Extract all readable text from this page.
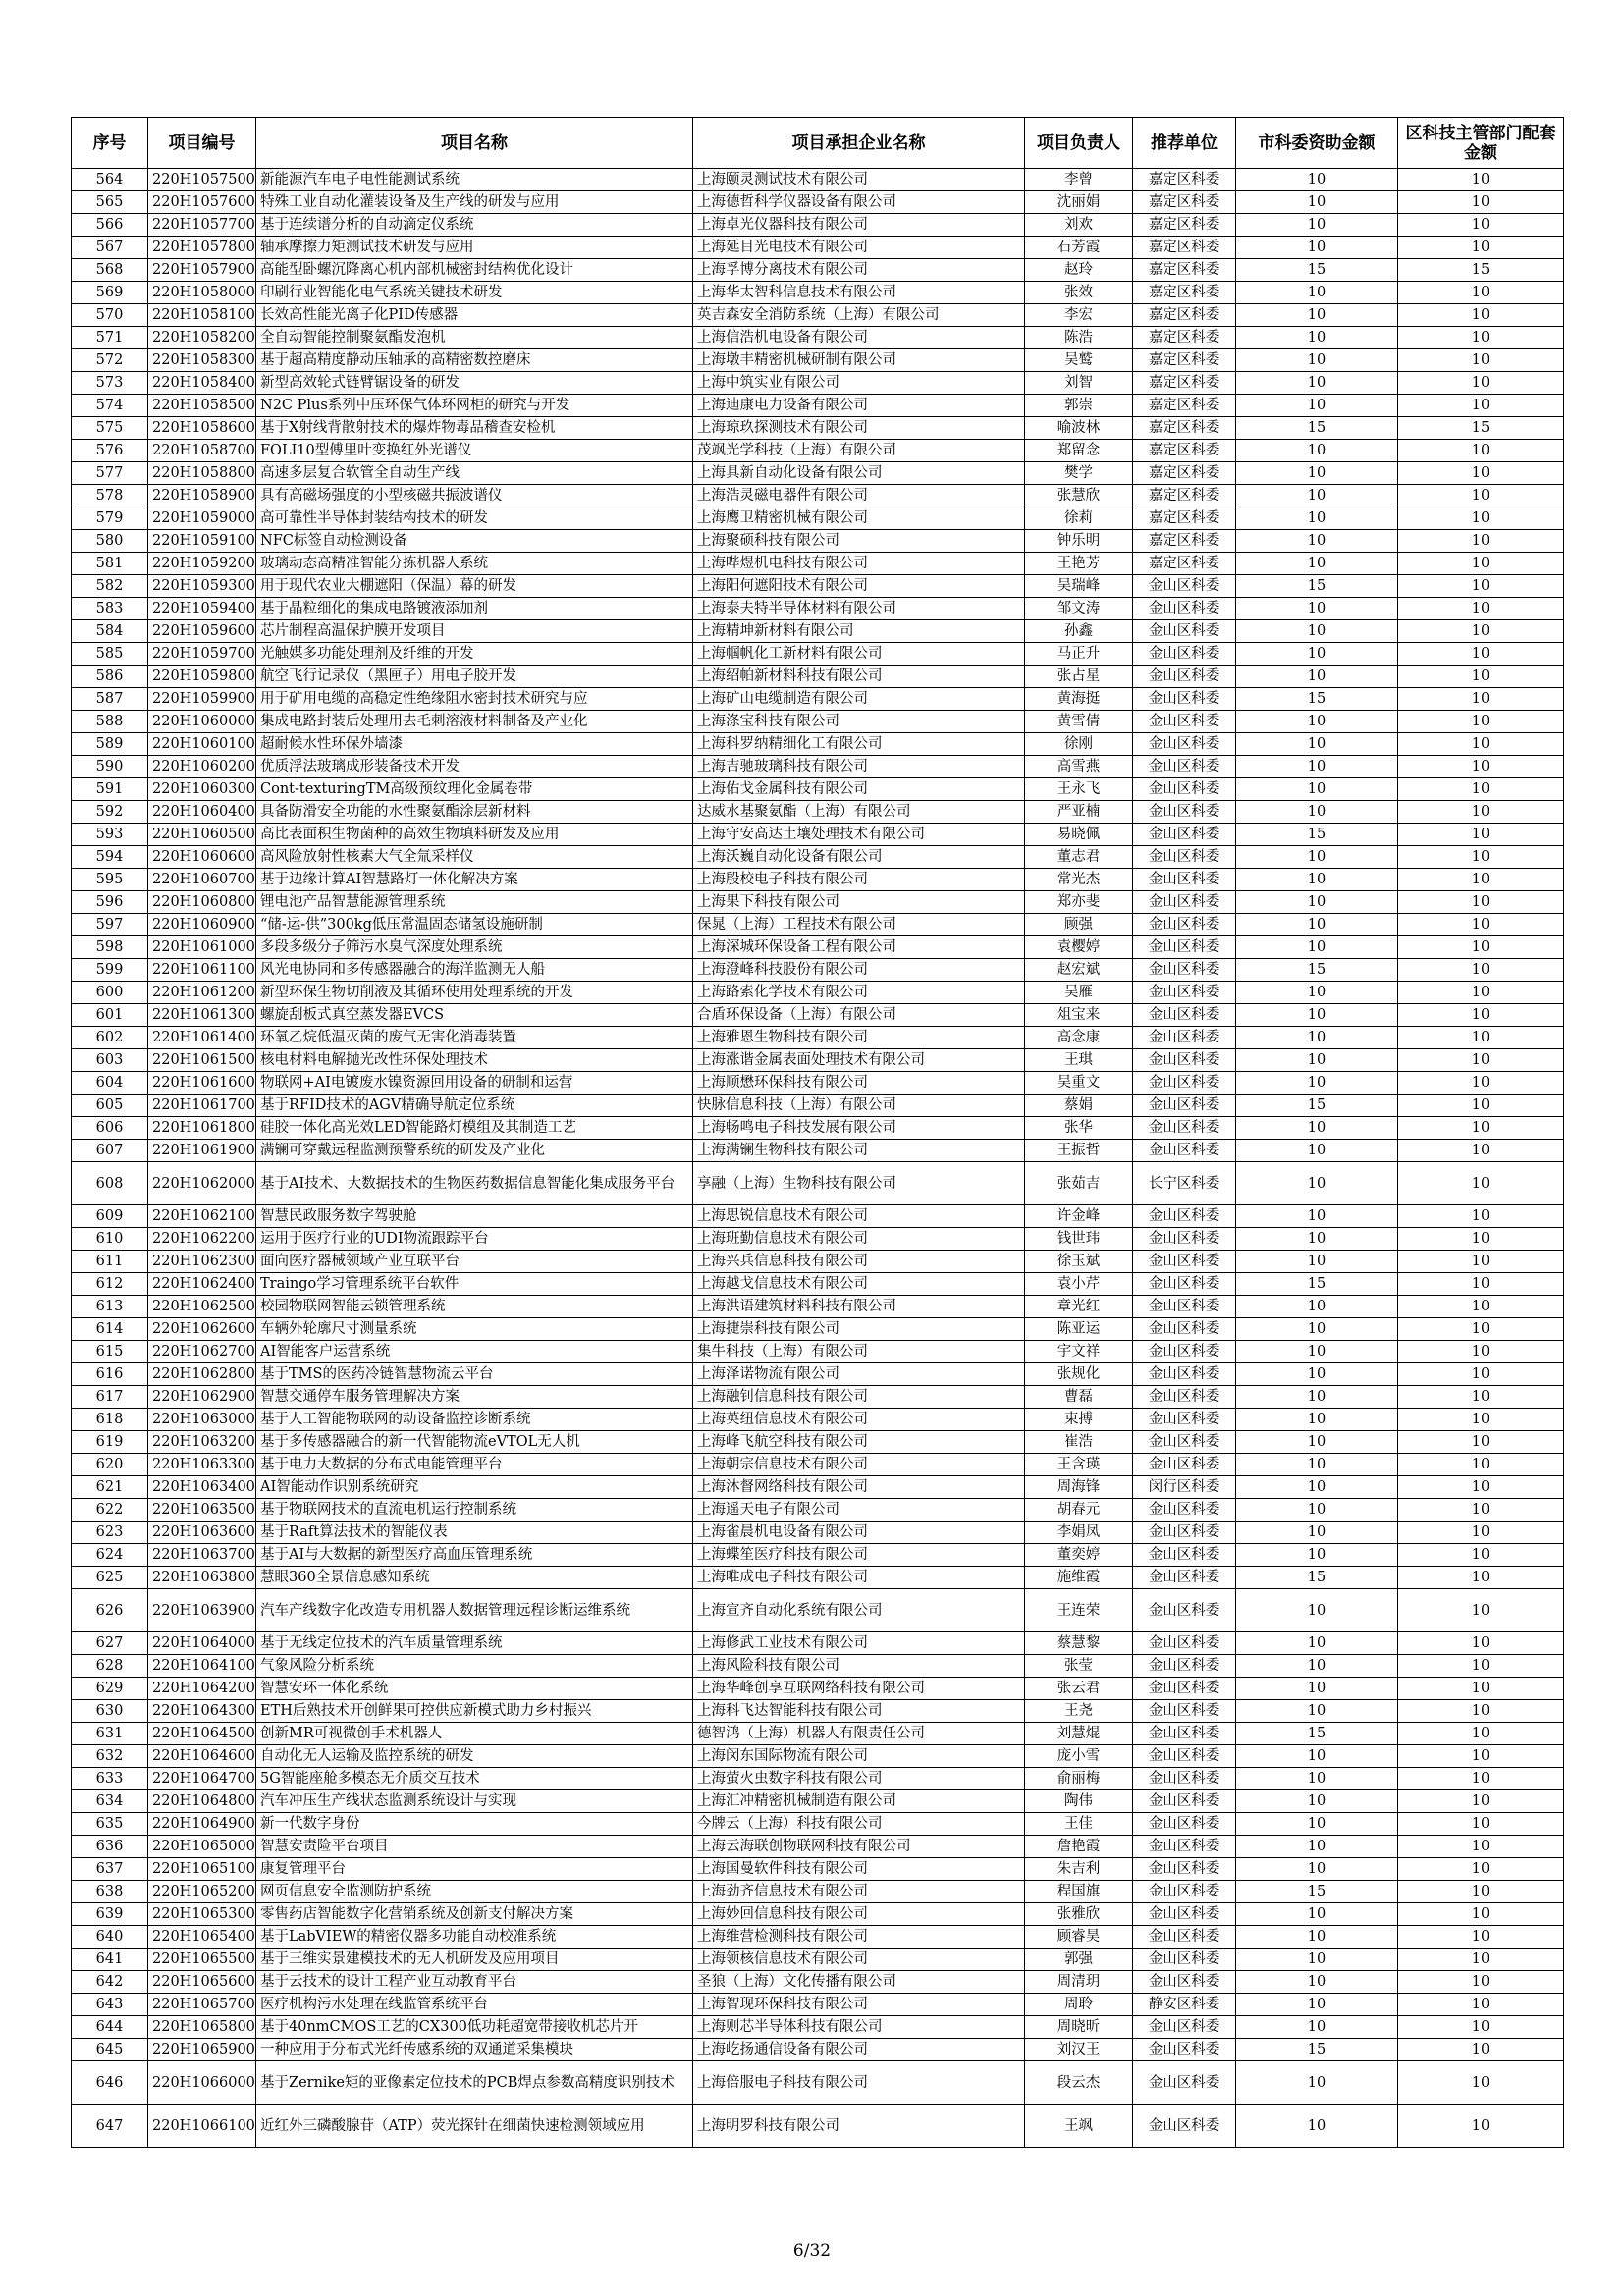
序号	项目编号	项目名称	项目承担企业名称	项目负责人	推荐单位	市科委资助金额	区科技主管部门配套金额
564	220H1057500	新能源汽车电子电性能测试系统	上海颐灵测试技术有限公司	李曾	嘉定区科委	10	10
565	220H1057600	特殊工业自动化灌装设备及生产线的研发与应用	上海德哲科学仪器设备有限公司	沈丽娟	嘉定区科委	10	10
566	220H1057700	基于连续谱分析的自动滴定仪系统	上海卓光仪器科技有限公司	刘欢	嘉定区科委	10	10
567	220H1057800	轴承摩擦力矩测试技术研发与应用	上海延目光电技术有限公司	石芳霞	嘉定区科委	10	10
568	220H1057900	高能型卧螺沉降离心机内部机械密封结构优化设计	上海孚博分离技术有限公司	赵玲	嘉定区科委	15	15
569	220H1058000	印刷行业智能化电气系统关键技术研发	上海华太智科信息技术有限公司	张效	嘉定区科委	10	10
570	220H1058100	长效高性能光离子化PID传感器	英吉森安全消防系统（上海）有限公司	李宏	嘉定区科委	10	10
571	220H1058200	全自动智能控制聚氨酯发泡机	上海信浩机电设备有限公司	陈浩	嘉定区科委	10	10
572	220H1058300	基于超高精度静动压轴承的高精密数控磨床	上海墩丰精密机械研制有限公司	吴鹫	嘉定区科委	10	10
573	220H1058400	新型高效轮式链臂锯设备的研发	上海中筑实业有限公司	刘智	嘉定区科委	10	10
574	220H1058500	N2C Plus系列中压环保气体环网柜的研究与开发	上海迪康电力设备有限公司	郭崇	嘉定区科委	10	10
575	220H1058600	基于X射线背散射技术的爆炸物毒品稽查安检机	上海琼玖探测技术有限公司	喻波林	嘉定区科委	15	15
576	220H1058700	FOLI10型傅里叶变换红外光谱仪	茂飒光学科技（上海）有限公司	郑留念	嘉定区科委	10	10
577	220H1058800	高速多层复合软管全自动生产线	上海具新自动化设备有限公司	樊学	嘉定区科委	10	10
578	220H1058900	具有高磁场强度的小型核磁共振波谱仪	上海浩灵磁电器件有限公司	张慧欣	嘉定区科委	10	10
579	220H1059000	高可靠性半导体封装结构技术的研发	上海鹰卫精密机械有限公司	徐莉	嘉定区科委	10	10
580	220H1059100	NFC标签自动检测设备	上海聚硕科技有限公司	钟乐明	嘉定区科委	10	10
581	220H1059200	玻璃动态高精准智能分拣机器人系统	上海哔煜机电科技有限公司	王艳芳	嘉定区科委	10	10
582	220H1059300	用于现代农业大棚遮阳（保温）幕的研发	上海阳何遮阳技术有限公司	吴瑞峰	金山区科委	15	10
583	220H1059400	基于晶粒细化的集成电路镀液添加剂	上海泰夫特半导体材料有限公司	邹文涛	金山区科委	10	10
584	220H1059600	芯片制程高温保护膜开发项目	上海精坤新材料有限公司	孙鑫	金山区科委	10	10
585	220H1059700	光触媒多功能处理剂及纤维的开发	上海帼帆化工新材料有限公司	马正升	金山区科委	10	10
586	220H1059800	航空飞行记录仪（黑匣子）用电子胶开发	上海绍帕新材料科技有限公司	张占星	金山区科委	10	10
587	220H1059900	用于矿用电缆的高稳定性绝缘阻水密封技术研究与应	上海矿山电缆制造有限公司	黄海挺	金山区科委	15	10
588	220H1060000	集成电路封装后处理用去毛刺溶液材料制备及产业化	上海涤宝科技有限公司	黄雪倩	金山区科委	10	10
589	220H1060100	超耐候水性环保外墙漆	上海科罗纳精细化工有限公司	徐刚	金山区科委	10	10
590	220H1060200	优质浮法玻璃成形装备技术开发	上海吉驰玻璃科技有限公司	高雪燕	金山区科委	10	10
591	220H1060300	Cont-texturingTM高级预纹理化金属卷带	上海佑戈金属科技有限公司	王永飞	金山区科委	10	10
592	220H1060400	具备防滑安全功能的水性聚氨酯涂层新材料	达威水基聚氨酯（上海）有限公司	严亚楠	金山区科委	10	10
593	220H1060500	高比表面积生物菌种的高效生物填料研发及应用	上海守安高达土壤处理技术有限公司	易晓佩	金山区科委	15	10
594	220H1060600	高风险放射性核素大气全氚采样仪	上海沃巍自动化设备有限公司	董志君	金山区科委	10	10
595	220H1060700	基于边缘计算AI智慧路灯一体化解决方案	上海殷校电子科技有限公司	常光杰	金山区科委	10	10
596	220H1060800	锂电池产品智慧能源管理系统	上海果下科技有限公司	郑亦斐	金山区科委	10	10
597	220H1060900	“储-运-供”300kg低压常温固态储氢设施研制	保晁（上海）工程技术有限公司	顾强	金山区科委	10	10
598	220H1061000	多段多级分子筛污水臭气深度处理系统	上海深城环保设备工程有限公司	袁樱婷	金山区科委	10	10
599	220H1061100	风光电协同和多传感器融合的海洋监测无人船	上海澄峰科技股份有限公司	赵宏斌	金山区科委	15	10
600	220H1061200	新型环保生物切削液及其循环使用处理系统的开发	上海路索化学技术有限公司	吴雁	金山区科委	10	10
601	220H1061300	螺旋刮板式真空蒸发器EVCS	合盾环保设备（上海）有限公司	俎宝来	金山区科委	10	10
602	220H1061400	环氧乙烷低温灭菌的废气无害化消毒装置	上海雅恩生物科技有限公司	高念康	金山区科委	10	10
603	220H1061500	核电材料电解抛光改性环保处理技术	上海涨谐金属表面处理技术有限公司	王琪	金山区科委	10	10
604	220H1061600	物联网+AI电镀废水镍资源回用设备的研制和运营	上海顺懋环保科技有限公司	吴重文	金山区科委	10	10
605	220H1061700	基于RFID技术的AGV精确导航定位系统	快脉信息科技（上海）有限公司	蔡娟	金山区科委	15	10
606	220H1061800	硅胶一体化高光效LED智能路灯模组及其制造工艺	上海畅鸣电子科技发展有限公司	张华	金山区科委	10	10
607	220H1061900	满镧可穿戴远程监测预警系统的研发及产业化	上海满镧生物科技有限公司	王振哲	金山区科委	10	10
608	220H1062000	基于AI技术、大数据技术的生物医药数据信息智能化集成服务平台	享融（上海）生物科技有限公司	张茹吉	长宁区科委	10	10
609	220H1062100	智慧民政服务数字驾驶舱	上海思锐信息技术有限公司	许金峰	金山区科委	10	10
610	220H1062200	运用于医疗行业的UDI物流跟踪平台	上海班勤信息技术有限公司	钱世玮	金山区科委	10	10
611	220H1062300	面向医疗器械领域产业互联平台	上海兴兵信息科技有限公司	徐玉斌	金山区科委	10	10
612	220H1062400	Traingo学习管理系统平台软件	上海越戈信息技术有限公司	袁小芹	金山区科委	15	10
613	220H1062500	校园物联网智能云锁管理系统	上海洪语建筑材料科技有限公司	章光红	金山区科委	10	10
614	220H1062600	车辆外轮廓尺寸测量系统	上海捷崇科技有限公司	陈亚运	金山区科委	10	10
615	220H1062700	AI智能客户运营系统	集牛科技（上海）有限公司	宇文祥	金山区科委	10	10
616	220H1062800	基于TMS的医药冷链智慧物流云平台	上海泽诺物流有限公司	张规化	金山区科委	10	10
617	220H1062900	智慧交通停车服务管理解决方案	上海融钊信息科技有限公司	曹磊	金山区科委	10	10
618	220H1063000	基于人工智能物联网的动设备监控诊断系统	上海英纽信息技术有限公司	束搏	金山区科委	10	10
619	220H1063200	基于多传感器融合的新一代智能物流eVTOL无人机	上海峰飞航空科技有限公司	崔浩	金山区科委	10	10
620	220H1063300	基于电力大数据的分布式电能管理平台	上海朝宗信息技术有限公司	王含瑛	金山区科委	10	10
621	220H1063400	AI智能动作识别系统研究	上海沐督网络科技有限公司	周海锋	闵行区科委	10	10
622	220H1063500	基于物联网技术的直流电机运行控制系统	上海遥天电子有限公司	胡春元	金山区科委	10	10
623	220H1063600	基于Raft算法技术的智能仪表	上海雀晨机电设备有限公司	李娟凤	金山区科委	10	10
624	220H1063700	基于AI与大数据的新型医疗高血压管理系统	上海蝶笙医疗科技有限公司	董奕婷	金山区科委	10	10
625	220H1063800	慧眼360全景信息感知系统	上海唯成电子科技有限公司	施维霞	金山区科委	15	10
626	220H1063900	汽车产线数字化改造专用机器人数据管理远程诊断运维系统	上海宣齐自动化系统有限公司	王连荣	金山区科委	10	10
627	220H1064000	基于无线定位技术的汽车质量管理系统	上海修武工业技术有限公司	蔡慧黎	金山区科委	10	10
628	220H1064100	气象风险分析系统	上海风险科技有限公司	张莹	金山区科委	10	10
629	220H1064200	智慧安环一体化系统	上海华峰创享互联网络科技有限公司	张云君	金山区科委	10	10
630	220H1064300	ETH后熟技术开创鲜果可控供应新模式助力乡村振兴	上海科飞达智能科技有限公司	王尧	金山区科委	10	10
631	220H1064500	创新MR可视微创手术机器人	德智鸿（上海）机器人有限责任公司	刘慧焜	金山区科委	15	10
632	220H1064600	自动化无人运输及监控系统的研发	上海闵东国际物流有限公司	庞小雪	金山区科委	10	10
633	220H1064700	5G智能座舱多模态无介质交互技术	上海萤火虫数字科技有限公司	俞丽梅	金山区科委	10	10
634	220H1064800	汽车冲压生产线状态监测系统设计与实现	上海汇冲精密机械制造有限公司	陶伟	金山区科委	10	10
635	220H1064900	新一代数字身份	今牌云（上海）科技有限公司	王佳	金山区科委	10	10
636	220H1065000	智慧安责险平台项目	上海云海联创物联网科技有限公司	詹艳霞	金山区科委	10	10
637	220H1065100	康复管理平台	上海国曼软件科技有限公司	朱吉利	金山区科委	10	10
638	220H1065200	网页信息安全监测防护系统	上海劲齐信息技术有限公司	程国旗	金山区科委	15	10
639	220H1065300	零售药店智能数字化营销系统及创新支付解决方案	上海妙回信息科技有限公司	张雅欣	金山区科委	10	10
640	220H1065400	基于LabVIEW的精密仪器多功能自动校准系统	上海维营检测科技有限公司	顾睿昊	金山区科委	10	10
641	220H1065500	基于三维实景建模技术的无人机研发及应用项目	上海领核信息技术有限公司	郭强	金山区科委	10	10
642	220H1065600	基于云技术的设计工程产业互动教育平台	圣狼（上海）文化传播有限公司	周清玥	金山区科委	10	10
643	220H1065700	医疗机构污水处理在线监管系统平台	上海智现环保科技有限公司	周聆	静安区科委	10	10
644	220H1065800	基于40nmCMOS工艺的CX300低功耗超宽带接收机芯片开	上海则芯半导体科技有限公司	周晓昕	金山区科委	10	10
645	220H1065900	一种应用于分布式光纤传感系统的双通道采集模块	上海屹扬通信设备有限公司	刘汉王	金山区科委	15	10
646	220H1066000	基于Zernike矩的亚像素定位技术的PCB焊点参数高精度识别技术	上海倍服电子科技有限公司	段云杰	金山区科委	10	10
647	220H1066100	近红外三磷酸腺苷（ATP）荧光探针在细菌快速检测领域应用	上海明罗科技有限公司	王飒	金山区科委	10	10
6/32
